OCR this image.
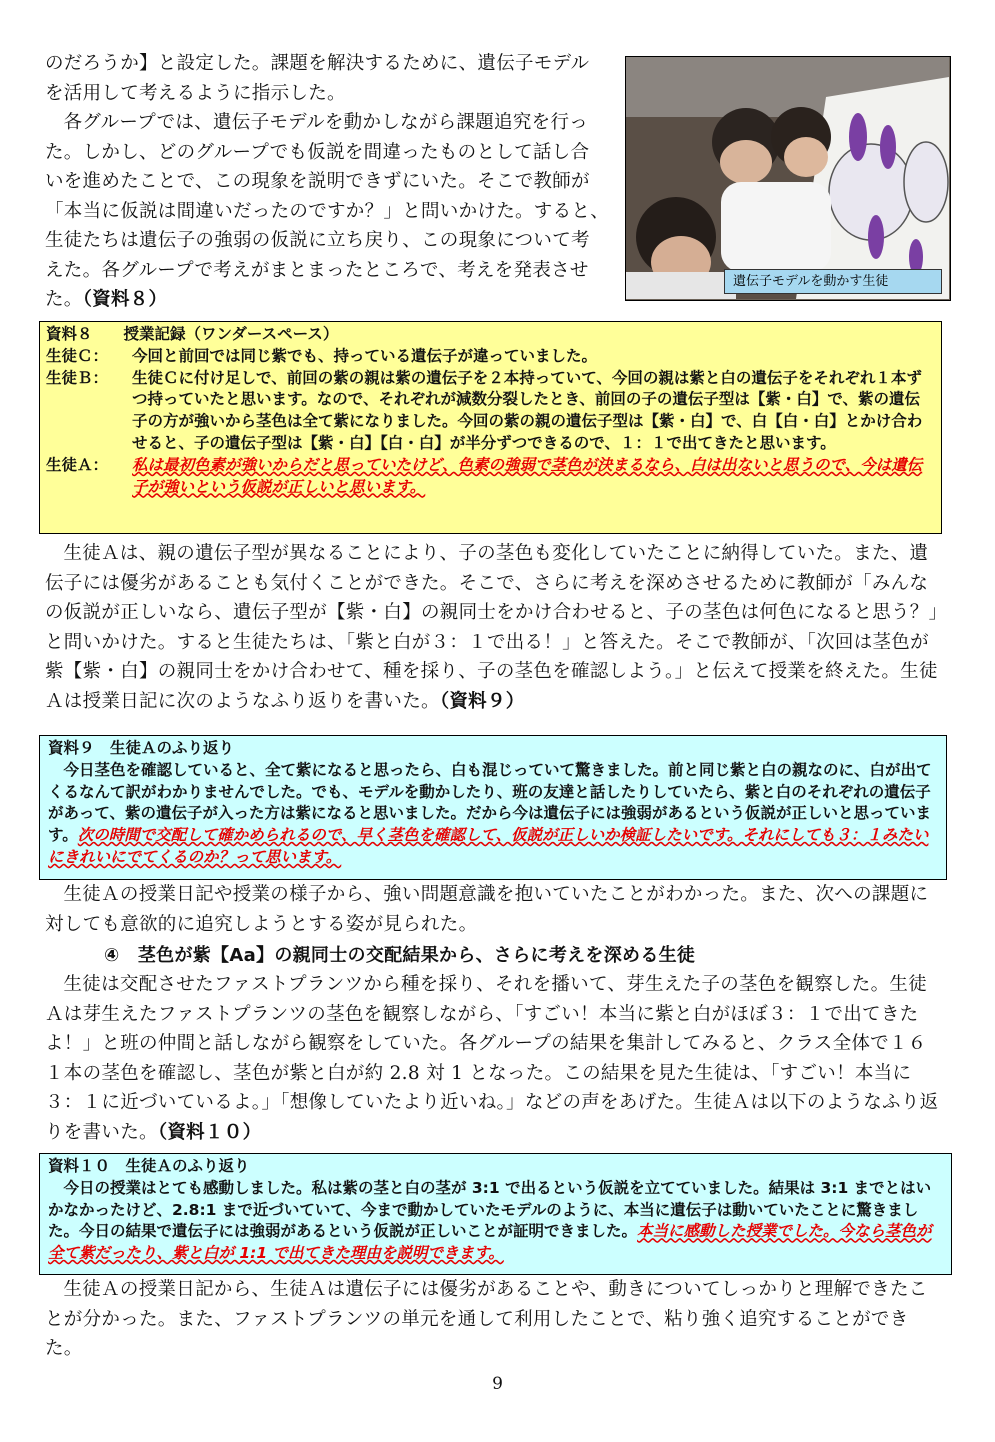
のだろうか】と設定した。課題を解決するために、遺伝子モデル

を活用して考えるように指示した。

各グループでは、遺伝子モデルを動かしながら課題追究を行っ

た。しかし、どのグループでも仮説を間違ったものとして話し合

いを進めたことで、この現象を説明できずにいた。そこで教師が

「本当に仮説は間違いだったのですか？」と問いかけた。すると、

生徒たちは遺伝子の強弱の仮説に立ち戻り、この現象について考

えた。各グループで考えがまとまったところで、考えを発表させ

た。（資料８）

遺伝子モデルを動かす生徒

資料８　　授業記録（ワンダースペース）

生徒Ｃ：	今回と前回では同じ紫でも、持っている遺伝子が違っていました。
生徒Ｂ：	生徒Ｃに付け足しで、前回の紫の親は紫の遺伝子を２本持っていて、今回の親は紫と白の遺伝子をそれぞれ１本ずつ持っていたと思います。なので、それぞれが減数分裂したとき、前回の子の遺伝子型は【紫・白】で、紫の遺伝子の方が強いから茎色は全て紫になりました。今回の紫の親の遺伝子型は【紫・白】で、白【白・白】とかけ合わせると、子の遺伝子型は【紫・白】【白・白】が半分ずつできるので、１：１で出てきたと思います。
生徒Ａ：	私は最初色素が強いからだと思っていたけど、色素の強弱で茎色が決まるなら、白は出ないと思うので、今は遺伝子が強いという仮説が正しいと思います。

生徒Ａは、親の遺伝子型が異なることにより、子の茎色も変化していたことに納得していた。また、遺伝子には優劣があることも気付くことができた。そこで、さらに考えを深めさせるために教師が「みんなの仮説が正しいなら、遺伝子型が【紫・白】の親同士をかけ合わせると、子の茎色は何色になると思う？」と問いかけた。すると生徒たちは、「紫と白が３：１で出る！」と答えた。そこで教師が、「次回は茎色が紫【紫・白】の親同士をかけ合わせて、種を採り、子の茎色を確認しよう。」と伝えて授業を終えた。生徒Ａは授業日記に次のようなふり返りを書いた。（資料９）

資料９　生徒Ａのふり返り

今日茎色を確認していると、全て紫になると思ったら、白も混じっていて驚きました。前と同じ紫と白の親なのに、白が出てくるなんて訳がわかりませんでした。でも、モデルを動かしたり、班の友達と話したりしていたら、紫と白のそれぞれの遺伝子があって、紫の遺伝子が入った方は紫になると思いました。だから今は遺伝子には強弱があるという仮説が正しいと思っています。次の時間で交配して確かめられるので、早く茎色を確認して、仮説が正しいか検証したいです。それにしても３：１みたいにきれいにでてくるのか？って思います。

生徒Ａの授業日記や授業の様子から、強い問題意識を抱いていたことがわかった。また、次への課題に対しても意欲的に追究しようとする姿が見られた。

④　茎色が紫【Aa】の親同士の交配結果から、さらに考えを深める生徒

生徒は交配させたファストプランツから種を採り、それを播いて、芽生えた子の茎色を観察した。生徒Ａは芽生えたファストプランツの茎色を観察しながら、「すごい！本当に紫と白がほぼ３：１で出てきたよ！」と班の仲間と話しながら観察をしていた。各グループの結果を集計してみると、クラス全体で１６１本の茎色を確認し、茎色が紫と白が約 2.8 対 1 となった。この結果を見た生徒は、「すごい！本当に３：１に近づいているよ。」「想像していたより近いね。」などの声をあげた。生徒Ａは以下のようなふり返りを書いた。（資料１０）

資料１０　生徒Ａのふり返り

今日の授業はとても感動しました。私は紫の茎と白の茎が 3:1 で出るという仮説を立てていました。結果は 3:1 までとはいかなかったけど、2.8:1 まで近づいていて、今まで動かしていたモデルのように、本当に遺伝子は動いていたことに驚きました。今日の結果で遺伝子には強弱があるという仮説が正しいことが証明できました。本当に感動した授業でした。今なら茎色が全て紫だったり、紫と白が 1:1 で出てきた理由を説明できます。

生徒Ａの授業日記から、生徒Ａは遺伝子には優劣があることや、動きについてしっかりと理解できたことが分かった。また、ファストプランツの単元を通して利用したことで、粘り強く追究することができた。

9
